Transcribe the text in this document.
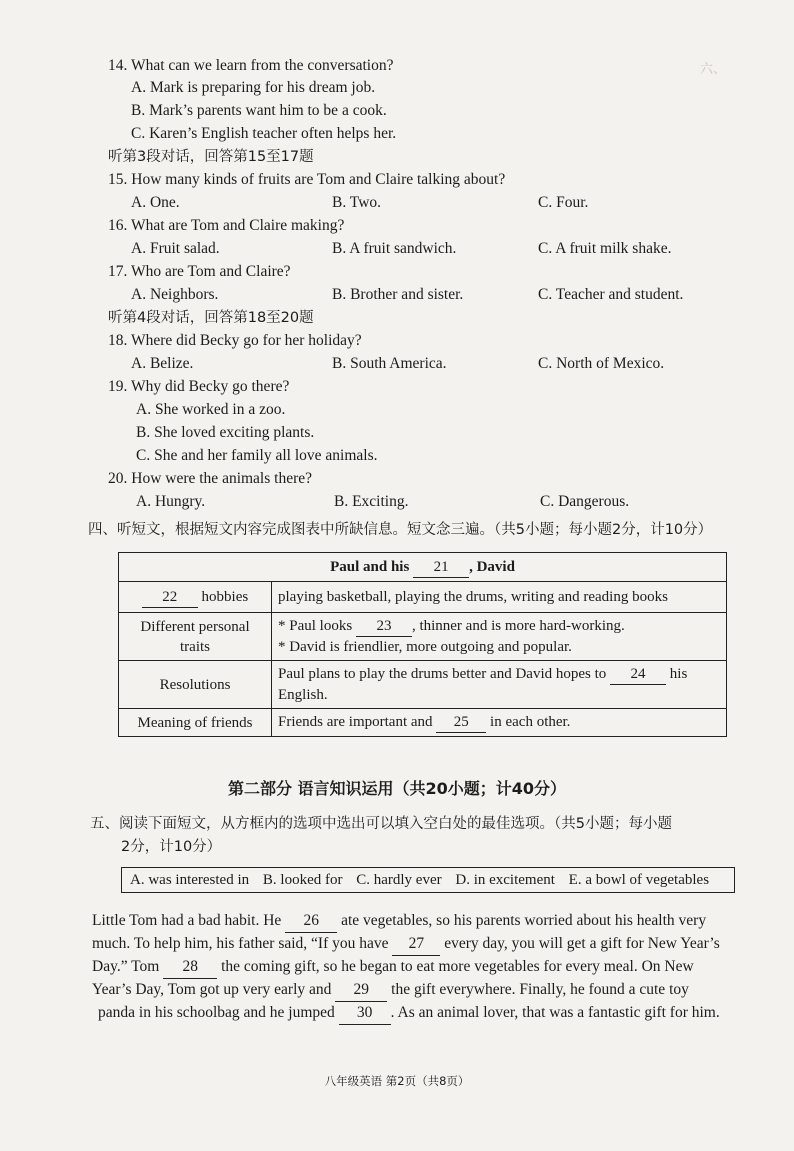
六、
14. What can we learn from the conversation?
A. Mark is preparing for his dream job.
B. Mark’s parents want him to be a cook.
C. Karen’s English teacher often helps her.
听第3段对话，回答第15至17题
15. How many kinds of fruits are Tom and Claire talking about?
A. One.	B. Two.	C. Four.
16. What are Tom and Claire making?
A. Fruit salad.	B. A fruit sandwich.	C. A fruit milk shake.
17. Who are Tom and Claire?
A. Neighbors.	B. Brother and sister.	C. Teacher and student.
听第4段对话，回答第18至20题
18. Where did Becky go for her holiday?
A. Belize.	B. South America.	C. North of Mexico.
19. Why did Becky go there?
A. She worked in a zoo.
B. She loved exciting plants.
C. She and her family all love animals.
20. How were the animals there?
A. Hungry.	B. Exciting.	C. Dangerous.
四、听短文，根据短文内容完成图表中所缺信息。短文念三遍。（共5小题；每小题2分，计10分）
Paul and his 21 , David	
22 hobbies	playing basketball, playing the drums, writing and reading books
Different personal traits	* Paul looks 23 , thinner and is more hard-working.
* David is friendlier, more outgoing and popular.

Resolutions	Paul plans to play the drums better and David hopes to 24 his
English.

Meaning of friends	Friends are important and 25 in each other.
第二部分 语言知识运用（共20小题；计40分）
五、阅读下面短文，从方框内的选项中选出可以填入空白处的最佳选项。（共5小题；每小题
2分，计10分）
A. was interested in B. looked for C. hardly ever D. in excitement E. a bowl of vegetables
Little Tom had a bad habit. He 26 ate vegetables, so his parents worried about his health very
much. To help him, his father said, “If you have 27 every day, you will get a gift for New Year’s
Day.” Tom 28 the coming gift, so he began to eat more vegetables for every meal. On New
Year’s Day, Tom got up very early and 29 the gift everywhere. Finally, he found a cute toy
panda in his schoolbag and he jumped 30 . As an animal lover, that was a fantastic gift for him.
八年级英语 第2页（共8页）
